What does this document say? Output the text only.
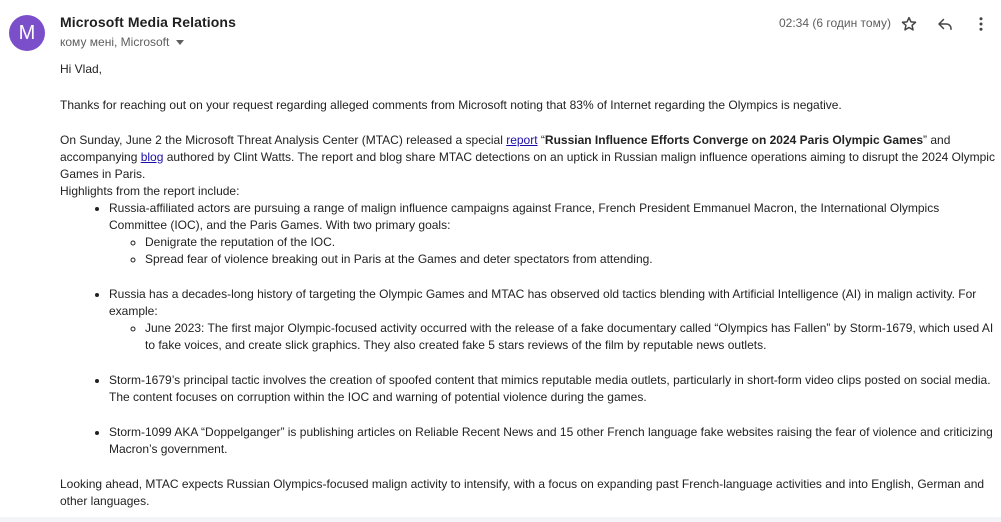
M	Microsoft Media Relations
кому мені, Microsoft
02:34 (6 годин тому)

Hi Vlad,

Thanks for reaching out on your request regarding alleged comments from Microsoft noting that 83% of Internet regarding the Olympics is negative.

On Sunday, June 2 the Microsoft Threat Analysis Center (MTAC) released a special report “Russian Influence Efforts Converge on 2024 Paris Olympic Games” and accompanying blog authored by Clint Watts. The report and blog share MTAC detections on an uptick in Russian malign influence operations aiming to disrupt the 2024 Olympic Games in Paris.

Highlights from the report include:

• Russia-affiliated actors are pursuing a range of malign influence campaigns against France, French President Emmanuel Macron, the International Olympics Committee (IOC), and the Paris Games. With two primary goals:
◦ Denigrate the reputation of the IOC.
◦ Spread fear of violence breaking out in Paris at the Games and deter spectators from attending.
• Russia has a decades-long history of targeting the Olympic Games and MTAC has observed old tactics blending with Artificial Intelligence (AI) in malign activity. For example:
◦ June 2023: The first major Olympic-focused activity occurred with the release of a fake documentary called “Olympics has Fallen” by Storm-1679, which used AI to fake voices, and create slick graphics. They also created fake 5 stars reviews of the film by reputable news outlets.
• Storm-1679’s principal tactic involves the creation of spoofed content that mimics reputable media outlets, particularly in short-form video clips posted on social media. The content focuses on corruption within the IOC and warning of potential violence during the games.
• Storm-1099 AKA “Doppelganger” is publishing articles on Reliable Recent News and 15 other French language fake websites raising the fear of violence and criticizing Macron’s government.

Looking ahead, MTAC expects Russian Olympics-focused malign activity to intensify, with a focus on expanding past French-language activities and into English, German and other languages.
